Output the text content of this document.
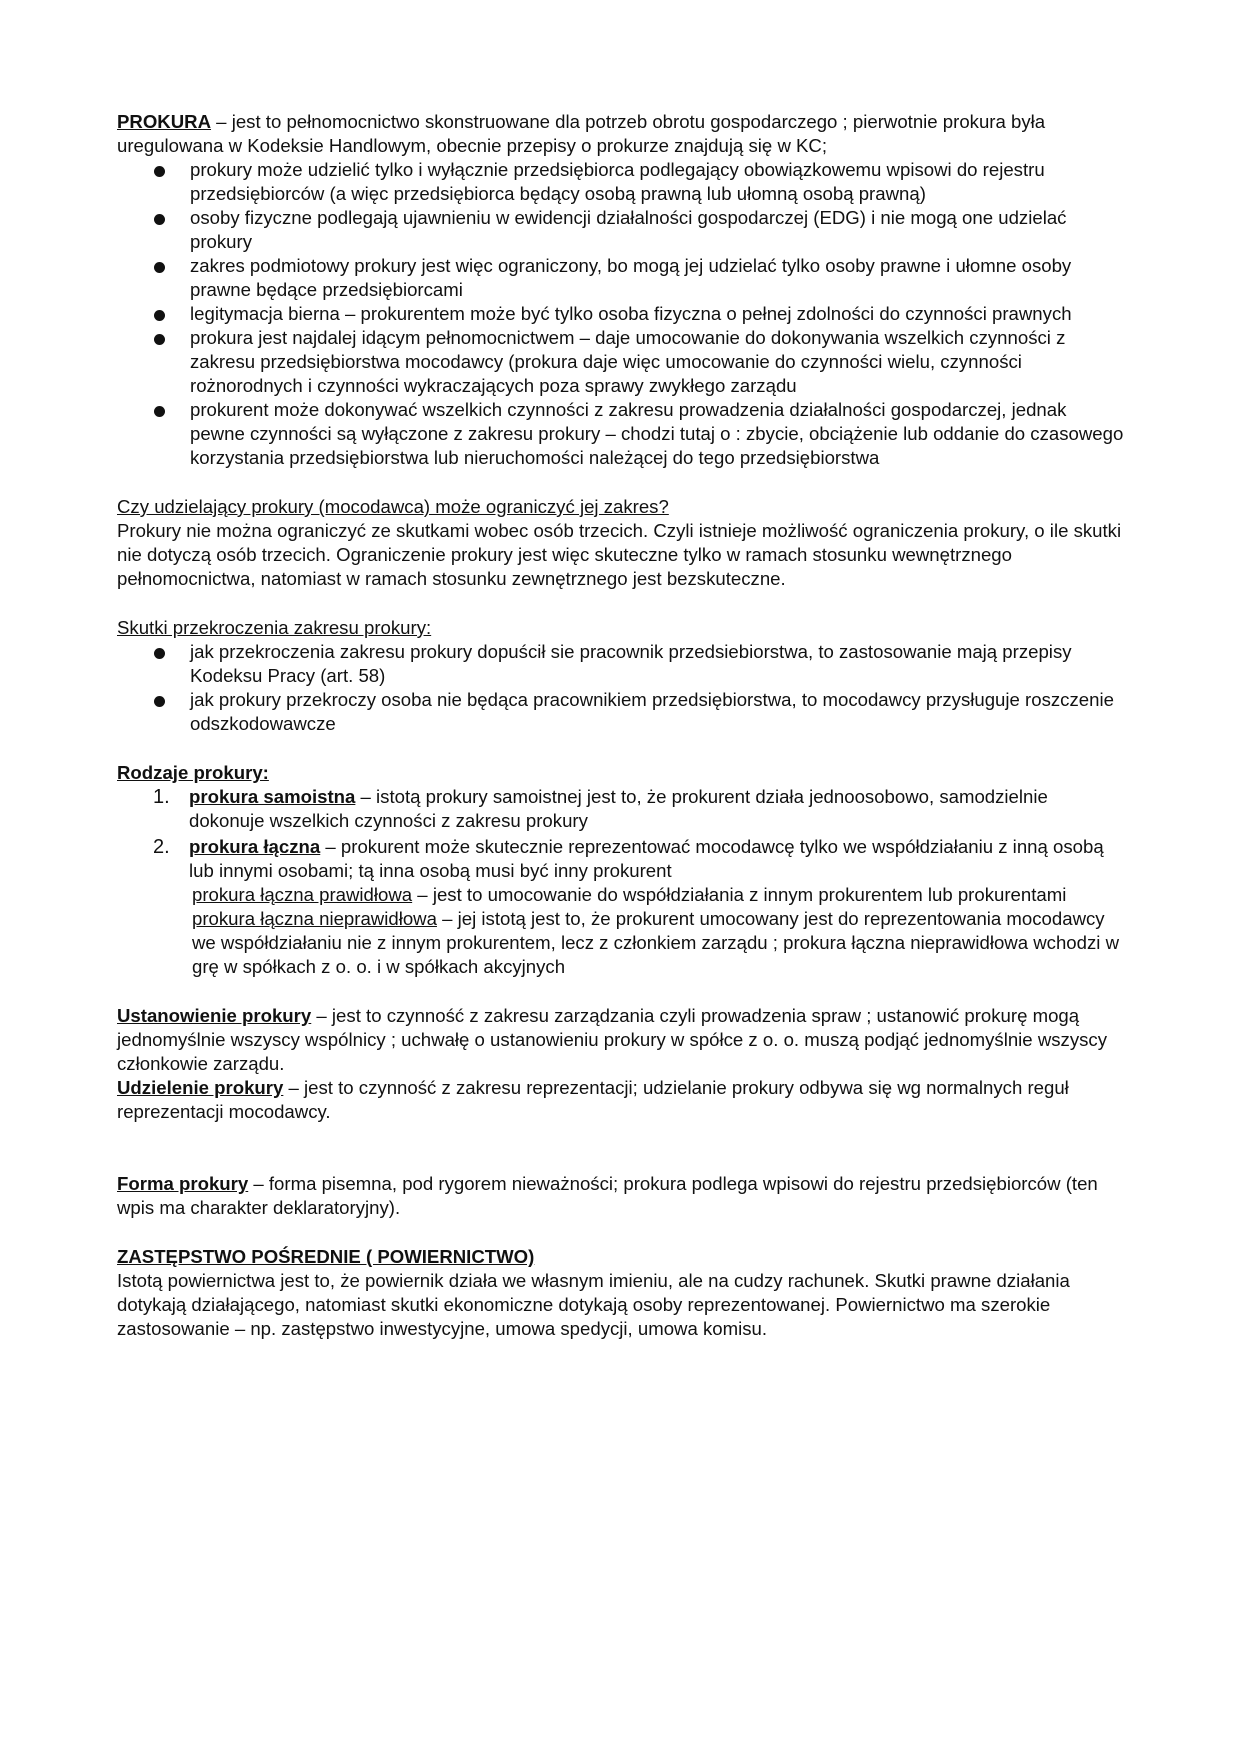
PROKURA – jest to pełnomocnictwo skonstruowane dla potrzeb obrotu gospodarczego ; pierwotnie prokura była uregulowana w Kodeksie Handlowym, obecnie przepisy o prokurze znajdują się w KC;

prokury może udzielić tylko i wyłącznie przedsiębiorca podlegający obowiązkowemu wpisowi do rejestru przedsiębiorców (a więc przedsiębiorca będący osobą prawną lub ułomną osobą prawną)
osoby fizyczne podlegają ujawnieniu w ewidencji działalności gospodarczej (EDG) i nie mogą one udzielać prokury
zakres podmiotowy prokury jest więc ograniczony, bo mogą jej udzielać tylko osoby prawne i ułomne osoby prawne będące przedsiębiorcami
legitymacja bierna – prokurentem może być tylko osoba fizyczna o pełnej zdolności do czynności prawnych
prokura jest najdalej idącym pełnomocnictwem – daje umocowanie do dokonywania wszelkich czynności z zakresu przedsiębiorstwa mocodawcy (prokura daje więc umocowanie do czynności wielu, czynności rożnorodnych i czynności wykraczających poza sprawy zwykłego zarządu
prokurent może dokonywać wszelkich czynności z zakresu prowadzenia działalności gospodarczej, jednak pewne czynności są wyłączone z zakresu prokury – chodzi tutaj o : zbycie, obciążenie lub oddanie do czasowego korzystania przedsiębiorstwa lub nieruchomości należącej do tego przedsiębiorstwa

Czy udzielający prokury (mocodawca) może ograniczyć jej zakres?

Prokury nie można ograniczyć ze skutkami wobec osób trzecich. Czyli istnieje możliwość ograniczenia prokury, o ile skutki nie dotyczą osób trzecich. Ograniczenie prokury jest więc skuteczne tylko w ramach stosunku wewnętrznego pełnomocnictwa, natomiast w ramach stosunku zewnętrznego jest bezskuteczne.

Skutki przekroczenia zakresu prokury:

jak przekroczenia zakresu prokury dopuścił sie pracownik przedsiebiorstwa, to zastosowanie mają przepisy Kodeksu Pracy (art. 58)
jak prokury przekroczy osoba nie będąca pracownikiem przedsiębiorstwa, to mocodawcy przysługuje roszczenie odszkodowawcze

Rodzaje prokury:

1.	prokura samoistna – istotą prokury samoistnej jest to, że prokurent działa jednoosobowo, samodzielnie dokonuje wszelkich czynności z zakresu prokury
2.	prokura łączna – prokurent może skutecznie reprezentować mocodawcę tylko we współdziałaniu z inną osobą lub innymi osobami; tą inna osobą musi być inny prokurent

prokura łączna prawidłowa – jest to umocowanie do współdziałania z innym prokurentem lub prokurentami

prokura łączna nieprawidłowa – jej istotą jest to, że prokurent umocowany jest do reprezentowania mocodawcy we współdziałaniu nie z innym prokurentem, lecz z członkiem zarządu ; prokura łączna nieprawidłowa wchodzi w grę w spółkach z o. o. i w spółkach akcyjnych

Ustanowienie prokury – jest to czynność z zakresu zarządzania czyli prowadzenia spraw ; ustanowić prokurę mogą jednomyślnie wszyscy wspólnicy ; uchwałę o ustanowieniu prokury w spółce z o. o. muszą podjąć jednomyślnie wszyscy członkowie zarządu.

Udzielenie prokury – jest to czynność z zakresu reprezentacji; udzielanie prokury odbywa się wg normalnych reguł reprezentacji mocodawcy.

Forma prokury – forma pisemna, pod rygorem nieważności; prokura podlega wpisowi do rejestru przedsiębiorców (ten wpis ma charakter deklaratoryjny).

ZASTĘPSTWO POŚREDNIE ( POWIERNICTWO)

Istotą powiernictwa jest to, że powiernik działa we własnym imieniu, ale na cudzy rachunek. Skutki prawne działania dotykają działającego, natomiast skutki ekonomiczne dotykają osoby reprezentowanej. Powiernictwo ma szerokie zastosowanie – np. zastępstwo inwestycyjne, umowa spedycji, umowa komisu.
